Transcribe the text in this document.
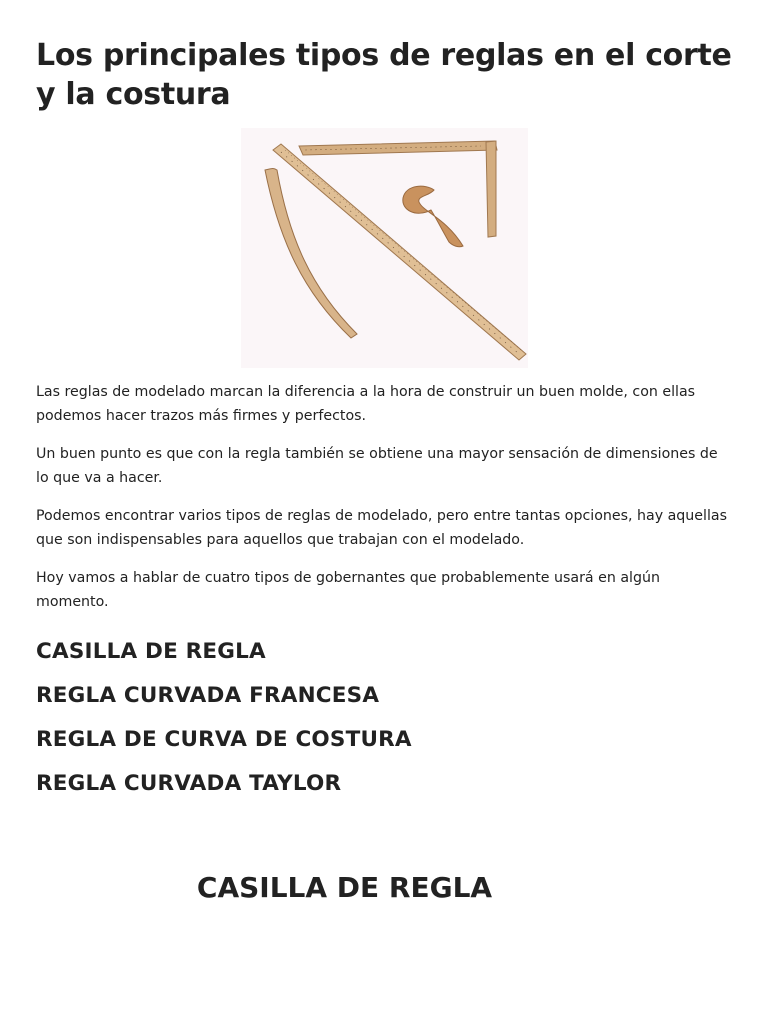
Los principales tipos de reglas en el corte y la costura

Las reglas de modelado marcan la diferencia a la hora de construir un buen molde, con ellas podemos hacer trazos más firmes y perfectos.

Un buen punto es que con la regla también se obtiene una mayor sensación de dimensiones de lo que va a hacer.

Podemos encontrar varios tipos de reglas de modelado, pero entre tantas opciones, hay aquellas que son indispensables para aquellos que trabajan con el modelado.

Hoy vamos a hablar de cuatro tipos de gobernantes que probablemente usará en algún momento.

CASILLA DE REGLA
REGLA CURVADA FRANCESA
REGLA DE CURVA DE COSTURA
REGLA CURVADA TAYLOR
CASILLA DE REGLA
